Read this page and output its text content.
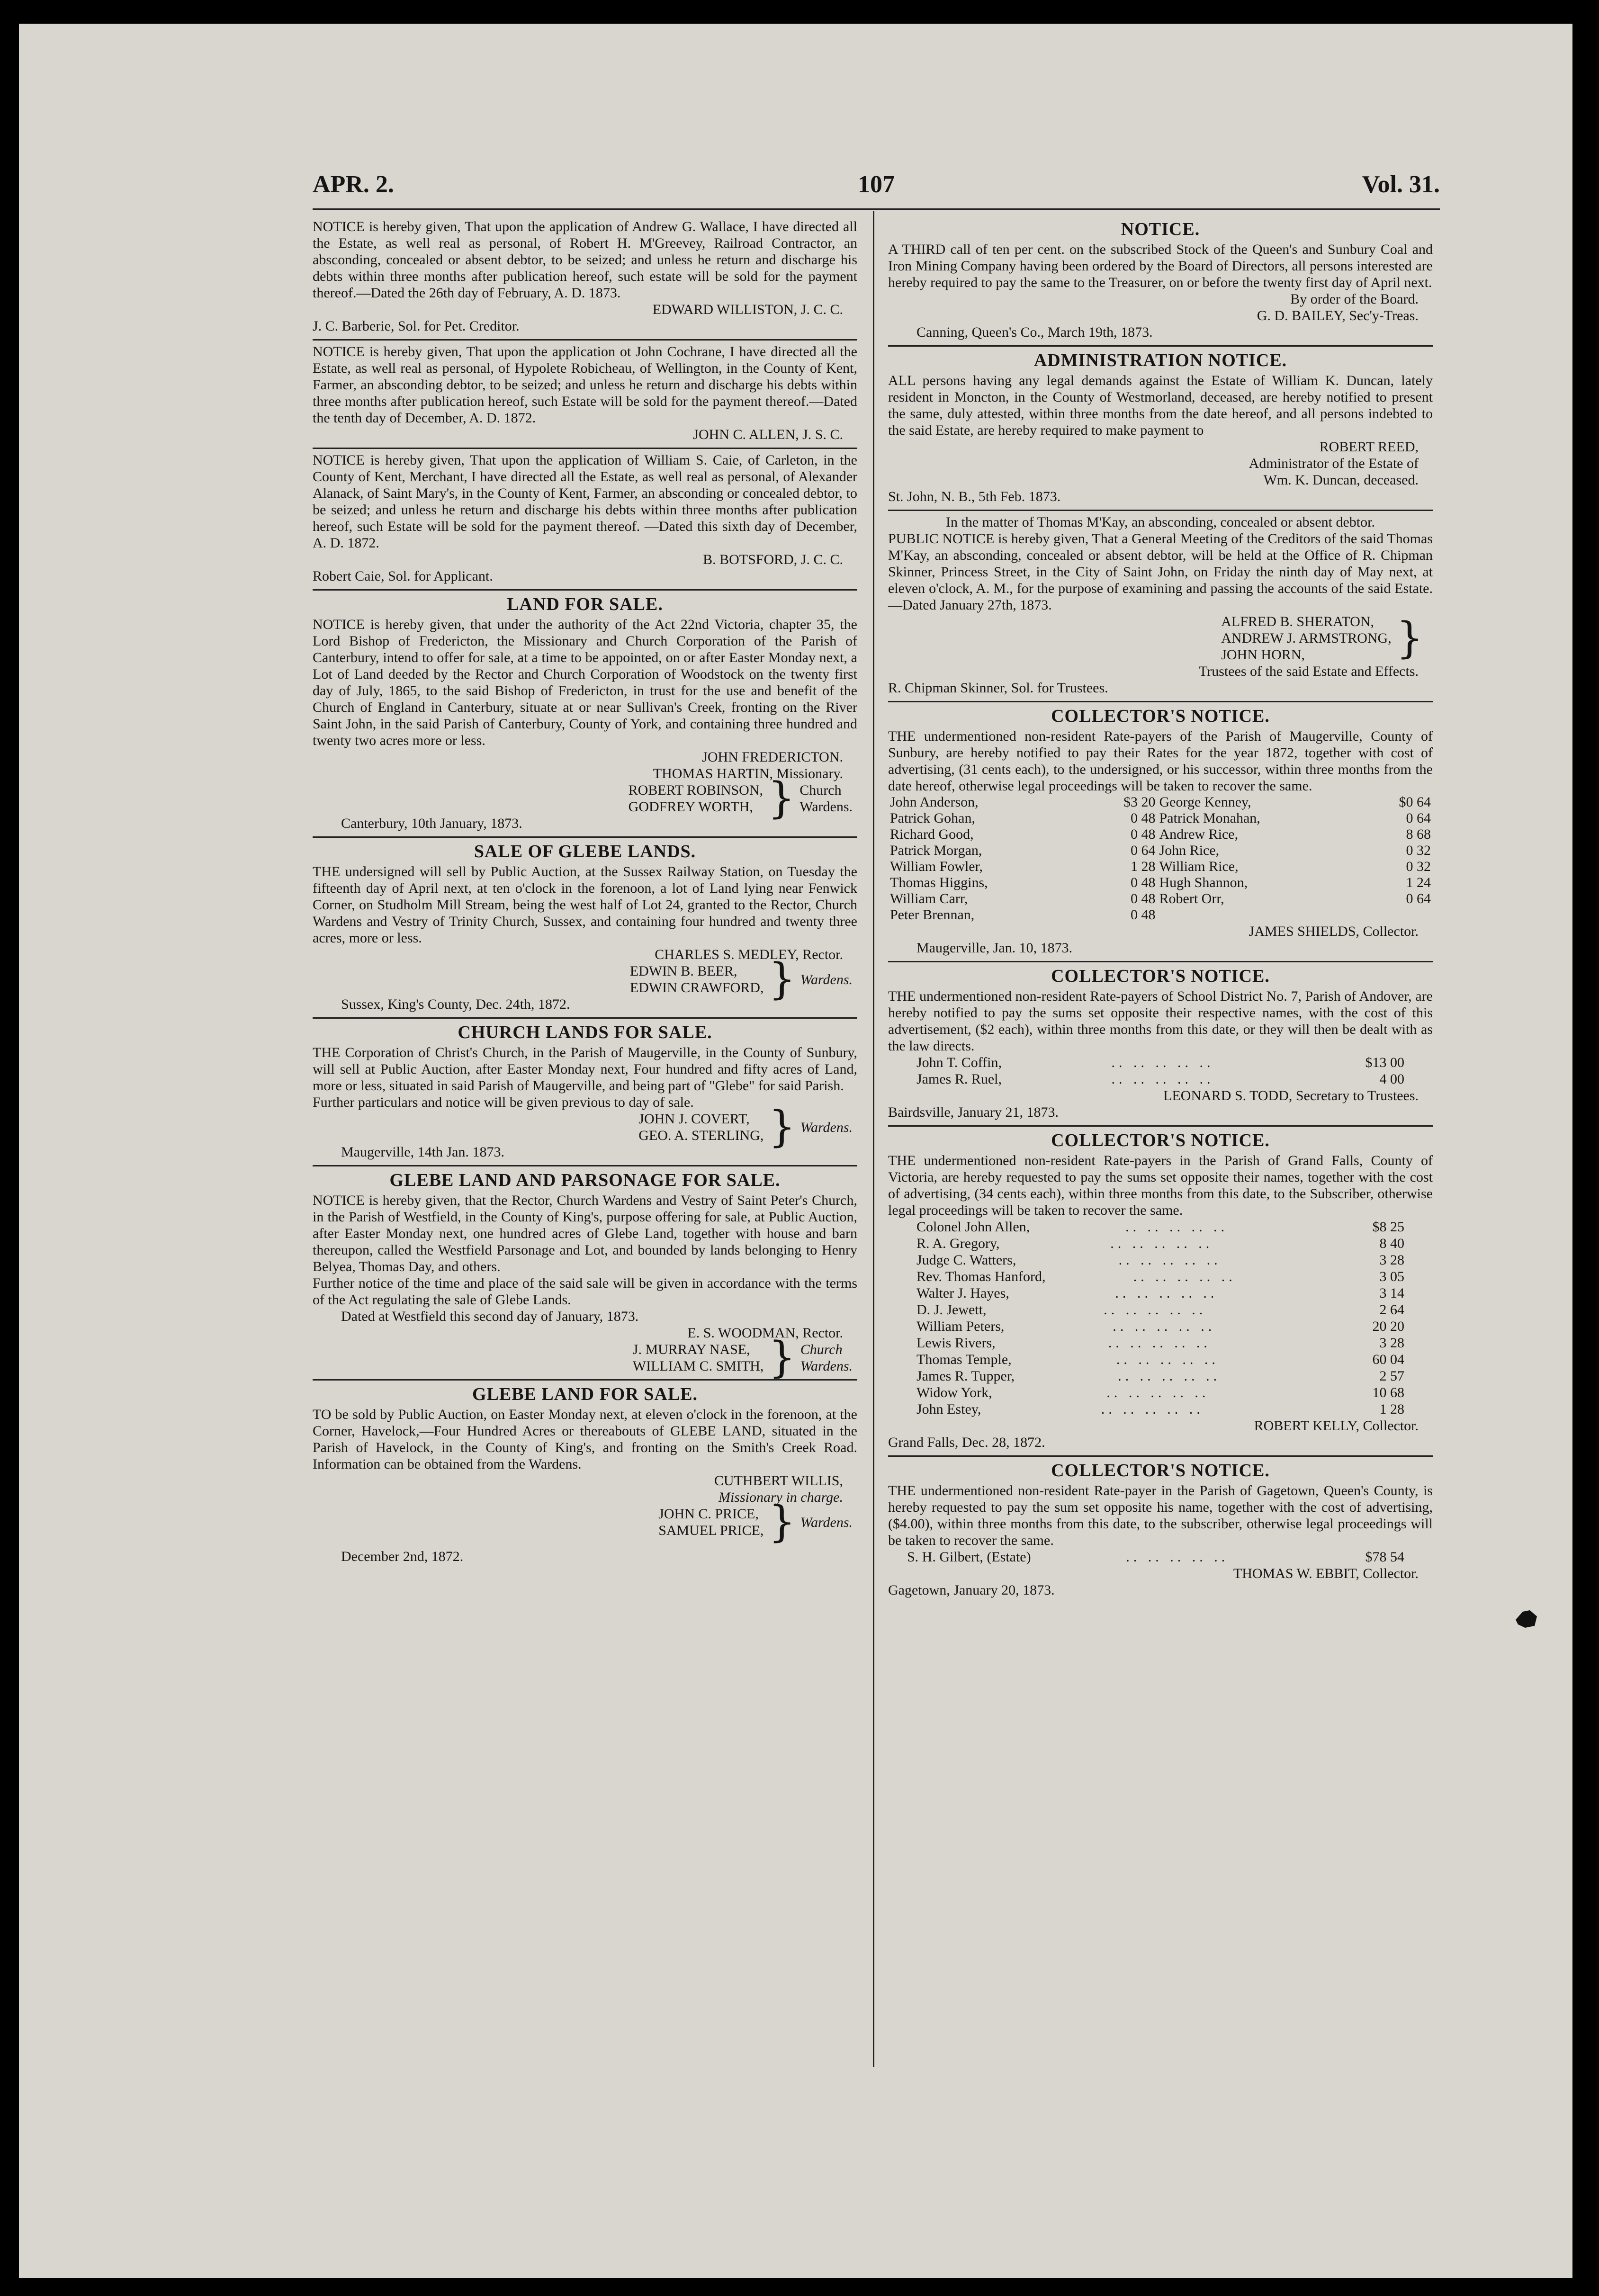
107
APR. 2.	Vol. 31.
NOTICE is hereby given, That upon the application of Andrew G. Wallace, I have directed all the Estate, as well real as personal, of Robert H. M'Greevey, Railroad Contractor, an absconding, concealed or absent debtor, to be seized; and unless he return and discharge his debts within three months after publication hereof, such estate will be sold for the payment thereof.—Dated the 26th day of February, A. D. 1873.
EDWARD WILLISTON, J. C. C.
J. C. Barberie, Sol. for Pet. Creditor.
NOTICE is hereby given, That upon the application ot John Cochrane, I have directed all the Estate, as well real as personal, of Hypolete Robicheau, of Wellington, in the County of Kent, Farmer, an absconding debtor, to be seized; and unless he return and discharge his debts within three months after publication hereof, such Estate will be sold for the payment thereof.—Dated the tenth day of December, A. D. 1872.
JOHN C. ALLEN, J. S. C.
NOTICE is hereby given, That upon the application of William S. Caie, of Carleton, in the County of Kent, Merchant, I have directed all the Estate, as well real as personal, of Alexander Alanack, of Saint Mary's, in the County of Kent, Farmer, an absconding or concealed debtor, to be seized; and unless he return and discharge his debts within three months after publication hereof, such Estate will be sold for the payment thereof. —Dated this sixth day of December, A. D. 1872.
B. BOTSFORD, J. C. C.
Robert Caie, Sol. for Applicant.
LAND FOR SALE.
NOTICE is hereby given, that under the authority of the Act 22nd Victoria, chapter 35, the Lord Bishop of Fredericton, the Missionary and Church Corporation of the Parish of Canterbury, intend to offer for sale, at a time to be appointed, on or after Easter Monday next, a Lot of Land deeded by the Rector and Church Corporation of Woodstock on the twenty first day of July, 1865, to the said Bishop of Fredericton, in trust for the use and benefit of the Church of England in Canterbury, situate at or near Sullivan's Creek, fronting on the River Saint John, in the said Parish of Canterbury, County of York, and containing three hundred and twenty two acres more or less.
JOHN FREDERICTON.
THOMAS HARTIN, Missionary.
ROBERT ROBINSON,
GODFREY WORTH, } Church
Wardens.
Canterbury, 10th January, 1873.
SALE OF GLEBE LANDS.
THE undersigned will sell by Public Auction, at the Sussex Railway Station, on Tuesday the fifteenth day of April next, at ten o'clock in the forenoon, a lot of Land lying near Fenwick Corner, on Studholm Mill Stream, being the west half of Lot 24, granted to the Rector, Church Wardens and Vestry of Trinity Church, Sussex, and containing four hundred and twenty three acres, more or less.
CHARLES S. MEDLEY, Rector.
EDWIN B. BEER,
EDWIN CRAWFORD, } Wardens.
Sussex, King's County, Dec. 24th, 1872.
CHURCH LANDS FOR SALE.
THE Corporation of Christ's Church, in the Parish of Maugerville, in the County of Sunbury, will sell at Public Auction, after Easter Monday next, Four hundred and fifty acres of Land, more or less, situated in said Parish of Maugerville, and being part of "Glebe" for said Parish.
Further particulars and notice will be given previous to day of sale.
JOHN J. COVERT,
GEO. A. STERLING, } Wardens.
Maugerville, 14th Jan. 1873.
GLEBE LAND AND PARSONAGE FOR SALE.
NOTICE is hereby given, that the Rector, Church Wardens and Vestry of Saint Peter's Church, in the Parish of Westfield, in the County of King's, purpose offering for sale, at Public Auction, after Easter Monday next, one hundred acres of Glebe Land, together with house and barn thereupon, called the Westfield Parsonage and Lot, and bounded by lands belonging to Henry Belyea, Thomas Day, and others.
Further notice of the time and place of the said sale will be given in accordance with the terms of the Act regulating the sale of Glebe Lands.
Dated at Westfield this second day of January, 1873.
E. S. WOODMAN, Rector.
J. MURRAY NASE,
WILLIAM C. SMITH, } Church
Wardens.
GLEBE LAND FOR SALE.
TO be sold by Public Auction, on Easter Monday next, at eleven o'clock in the forenoon, at the Corner, Havelock,—Four Hundred Acres or thereabouts of GLEBE LAND, situated in the Parish of Havelock, in the County of King's, and fronting on the Smith's Creek Road. Information can be obtained from the Wardens.
CUTHBERT WILLIS,
Missionary in charge.
JOHN C. PRICE,
SAMUEL PRICE, } Wardens.
December 2nd, 1872.
NOTICE.
A THIRD call of ten per cent. on the subscribed Stock of the Queen's and Sunbury Coal and Iron Mining Company having been ordered by the Board of Directors, all persons interested are hereby required to pay the same to the Treasurer, on or before the twenty first day of April next.
By order of the Board.
G. D. BAILEY, Sec'y-Treas.
Canning, Queen's Co., March 19th, 1873.
ADMINISTRATION NOTICE.
ALL persons having any legal demands against the Estate of William K. Duncan, lately resident in Moncton, in the County of Westmorland, deceased, are hereby notified to present the same, duly attested, within three months from the date hereof, and all persons indebted to the said Estate, are hereby required to make payment to
ROBERT REED,
Administrator of the Estate of
Wm. K. Duncan, deceased.
St. John, N. B., 5th Feb. 1873.
In the matter of Thomas M'Kay, an absconding, concealed or absent debtor.
PUBLIC NOTICE is hereby given, That a General Meeting of the Creditors of the said Thomas M'Kay, an absconding, concealed or absent debtor, will be held at the Office of R. Chipman Skinner, Princess Street, in the City of Saint John, on Friday the ninth day of May next, at eleven o'clock, A. M., for the purpose of examining and passing the accounts of the said Estate.—Dated January 27th, 1873.
ALFRED B. SHERATON,
ANDREW J. ARMSTRONG,
JOHN HORN,	}
Trustees of the said Estate and Effects.
R. Chipman Skinner, Sol. for Trustees.
COLLECTOR'S NOTICE.
THE undermentioned non-resident Rate-payers of the Parish of Maugerville, County of Sunbury, are hereby notified to pay their Rates for the year 1872, together with cost of advertising, (31 cents each), to the undersigned, or his successor, within three months from the date hereof, otherwise legal proceedings will be taken to recover the same.
John Anderson,	$3 20	George Kenney,	$0 64
Patrick Gohan,	0 48	Patrick Monahan,	0 64
Richard Good,	0 48	Andrew Rice,	8 68
Patrick Morgan,	0 64	John Rice,	0 32
William Fowler,	1 28	William Rice,	0 32
Thomas Higgins,	0 48	Hugh Shannon,	1 24
William Carr,	0 48	Robert Orr,	0 64
Peter Brennan,	0 48		
JAMES SHIELDS, Collector.
Maugerville, Jan. 10, 1873.
COLLECTOR'S NOTICE.
THE undermentioned non-resident Rate-payers of School District No. 7, Parish of Andover, are hereby notified to pay the sums set opposite their respective names, with the cost of this advertisement, ($2 each), within three months from this date, or they will then be dealt with as the law directs.
John T. Coffin,	.. .. .. .. ..	$13 00
James R. Ruel,	.. .. .. .. ..	4 00
LEONARD S. TODD, Secretary to Trustees.
Bairdsville, January 21, 1873.
COLLECTOR'S NOTICE.
THE undermentioned non-resident Rate-payers in the Parish of Grand Falls, County of Victoria, are hereby requested to pay the sums set opposite their names, together with the cost of advertising, (34 cents each), within three months from this date, to the Subscriber, otherwise legal proceedings will be taken to recover the same.
Colonel John Allen,	.. .. .. .. ..	$8 25
R. A. Gregory,	.. .. .. .. ..	8 40
Judge C. Watters,	.. .. .. .. ..	3 28
Rev. Thomas Hanford,	.. .. .. .. ..	3 05
Walter J. Hayes,	.. .. .. .. ..	3 14
D. J. Jewett,	.. .. .. .. ..	2 64
William Peters,	.. .. .. .. ..	20 20
Lewis Rivers,	.. .. .. .. ..	3 28
Thomas Temple,	.. .. .. .. ..	60 04
James R. Tupper,	.. .. .. .. ..	2 57
Widow York,	.. .. .. .. ..	10 68
John Estey,	.. .. .. .. ..	1 28
ROBERT KELLY, Collector.
Grand Falls, Dec. 28, 1872.
COLLECTOR'S NOTICE.
THE undermentioned non-resident Rate-payer in the Parish of Gagetown, Queen's County, is hereby requested to pay the sum set opposite his name, together with the cost of advertising, ($4.00), within three months from this date, to the subscriber, otherwise legal proceedings will be taken to recover the same.
S. H. Gilbert, (Estate)	.. .. .. .. ..	$78 54
THOMAS W. EBBIT, Collector.
Gagetown, January 20, 1873.
